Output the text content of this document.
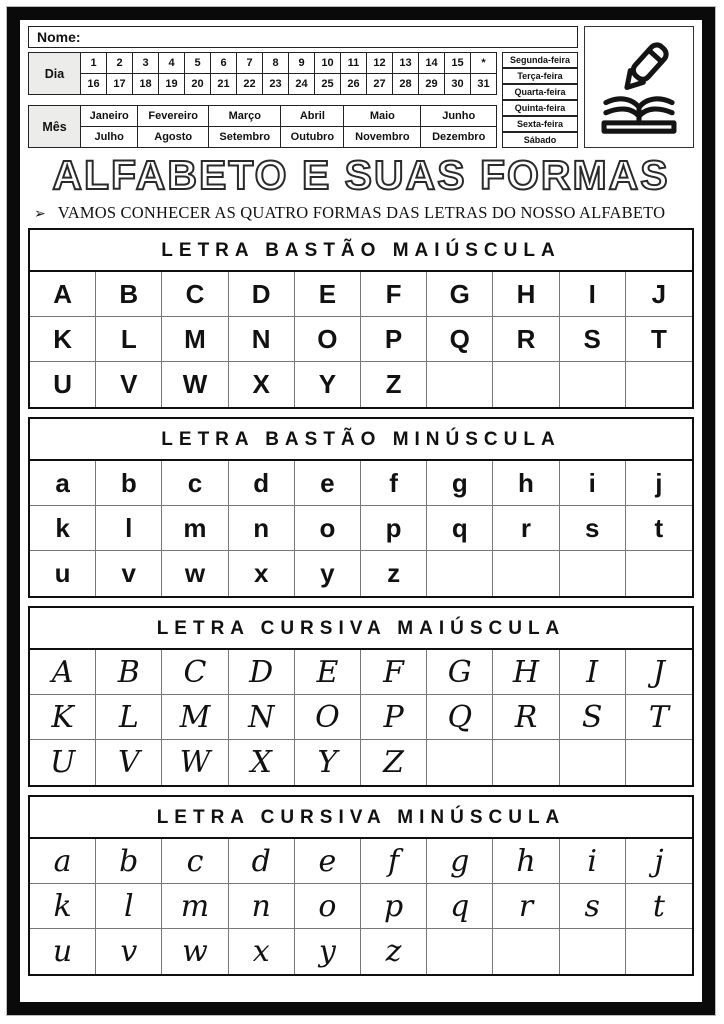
Nome:
Dia	1	2	3	4	5	6	7	8	9	10	11	12	13	14	15	*
	16	17	18	19	20	21	22	23	24	25	26	27	28	29	30	31
Mês	Janeiro	Fevereiro	Março	Abril	Maio	Junho
	Julho	Agosto	Setembro	Outubro	Novembro	Dezembro
Segunda-feira
Terça-feira
Quarta-feira
Quinta-feira
Sexta-feira
Sábado
ALFABETO E SUAS FORMAS
➢ VAMOS CONHECER AS QUATRO FORMAS DAS LETRAS DO NOSSO ALFABETO
LETRA BASTÃO MAIÚSCULA
A	B	C	D	E	F	G	H	I	J
K	L	M	N	O	P	Q	R	S	T
U	V	W	X	Y	Z
LETRA BASTÃO MINÚSCULA
a	b	c	d	e	f	g	h	i	j
k	l	m	n	o	p	q	r	s	t
u	v	w	x	y	z
LETRA CURSIVA MAIÚSCULA
A	B	C	D	E	F	G	H	I	J
K	L	M	N	O	P	Q	R	S	T
U	V	W	X	Y	Z
LETRA CURSIVA MINÚSCULA
a	b	c	d	e	f	g	h	i	j
k	l	m	n	o	p	q	r	s	t
u	v	w	x	y	z
